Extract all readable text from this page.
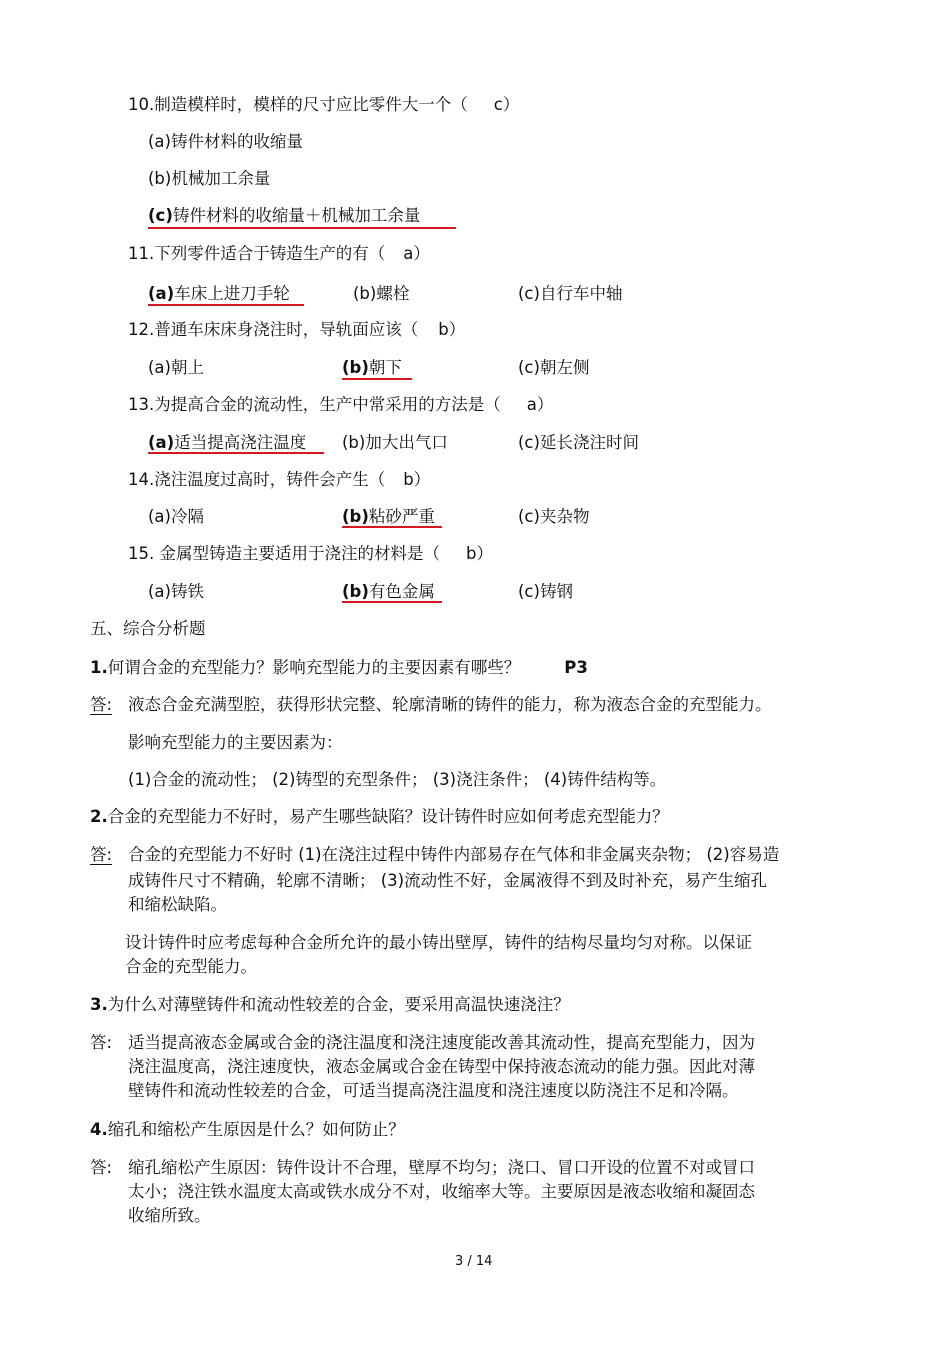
10.制造模样时，模样的尺寸应比零件大一个（ c）
(a)铸件材料的收缩量
(b)机械加工余量
(c)铸件材料的收缩量＋机械加工余量
11.下列零件适合于铸造生产的有（ a）
(a)车床上进刀手轮	(b)螺栓	(c)自行车中轴
12.普通车床床身浇注时，导轨面应该（ b）
(a)朝上	(b)朝下	(c)朝左侧
13.为提高合金的流动性，生产中常采用的方法是（ a）
(a)适当提高浇注温度 (b)加大出气口	(c)延长浇注时间
14.浇注温度过高时，铸件会产生（ b）
(a)冷隔	(b)粘砂严重	(c)夹杂物
15. 金属型铸造主要适用于浇注的材料是（ b）
(a)铸铁	(b)有色金属	(c)铸钢
五、综合分析题
1.何谓合金的充型能力？影响充型能力的主要因素有哪些？	P3
答: 液态合金充满型腔，获得形状完整、轮廓清晰的铸件的能力，称为液态合金的充型能力。
影响充型能力的主要因素为：
(1)合金的流动性； (2)铸型的充型条件； (3)浇注条件； (4)铸件结构等。
2.合金的充型能力不好时，易产生哪些缺陷？设计铸件时应如何考虑充型能力？
答: 合金的充型能力不好时 (1)在浇注过程中铸件内部易存在气体和非金属夹杂物； (2)容易造
成铸件尺寸不精确，轮廓不清晰； (3)流动性不好，金属液得不到及时补充，易产生缩孔
和缩松缺陷。
设计铸件时应考虑每种合金所允许的最小铸出壁厚，铸件的结构尽量均匀对称。以保证
合金的充型能力。
3.为什么对薄壁铸件和流动性较差的合金，要采用高温快速浇注？
答: 适当提高液态金属或合金的浇注温度和浇注速度能改善其流动性，提高充型能力，因为
浇注温度高，浇注速度快，液态金属或合金在铸型中保持液态流动的能力强。因此对薄
壁铸件和流动性较差的合金，可适当提高浇注温度和浇注速度以防浇注不足和冷隔。
4.缩孔和缩松产生原因是什么？如何防止？
答: 缩孔缩松产生原因：铸件设计不合理，壁厚不均匀；浇口、冒口开设的位置不对或冒口
太小；浇注铁水温度太高或铁水成分不对，收缩率大等。主要原因是液态收缩和凝固态
收缩所致。
3 / 14
